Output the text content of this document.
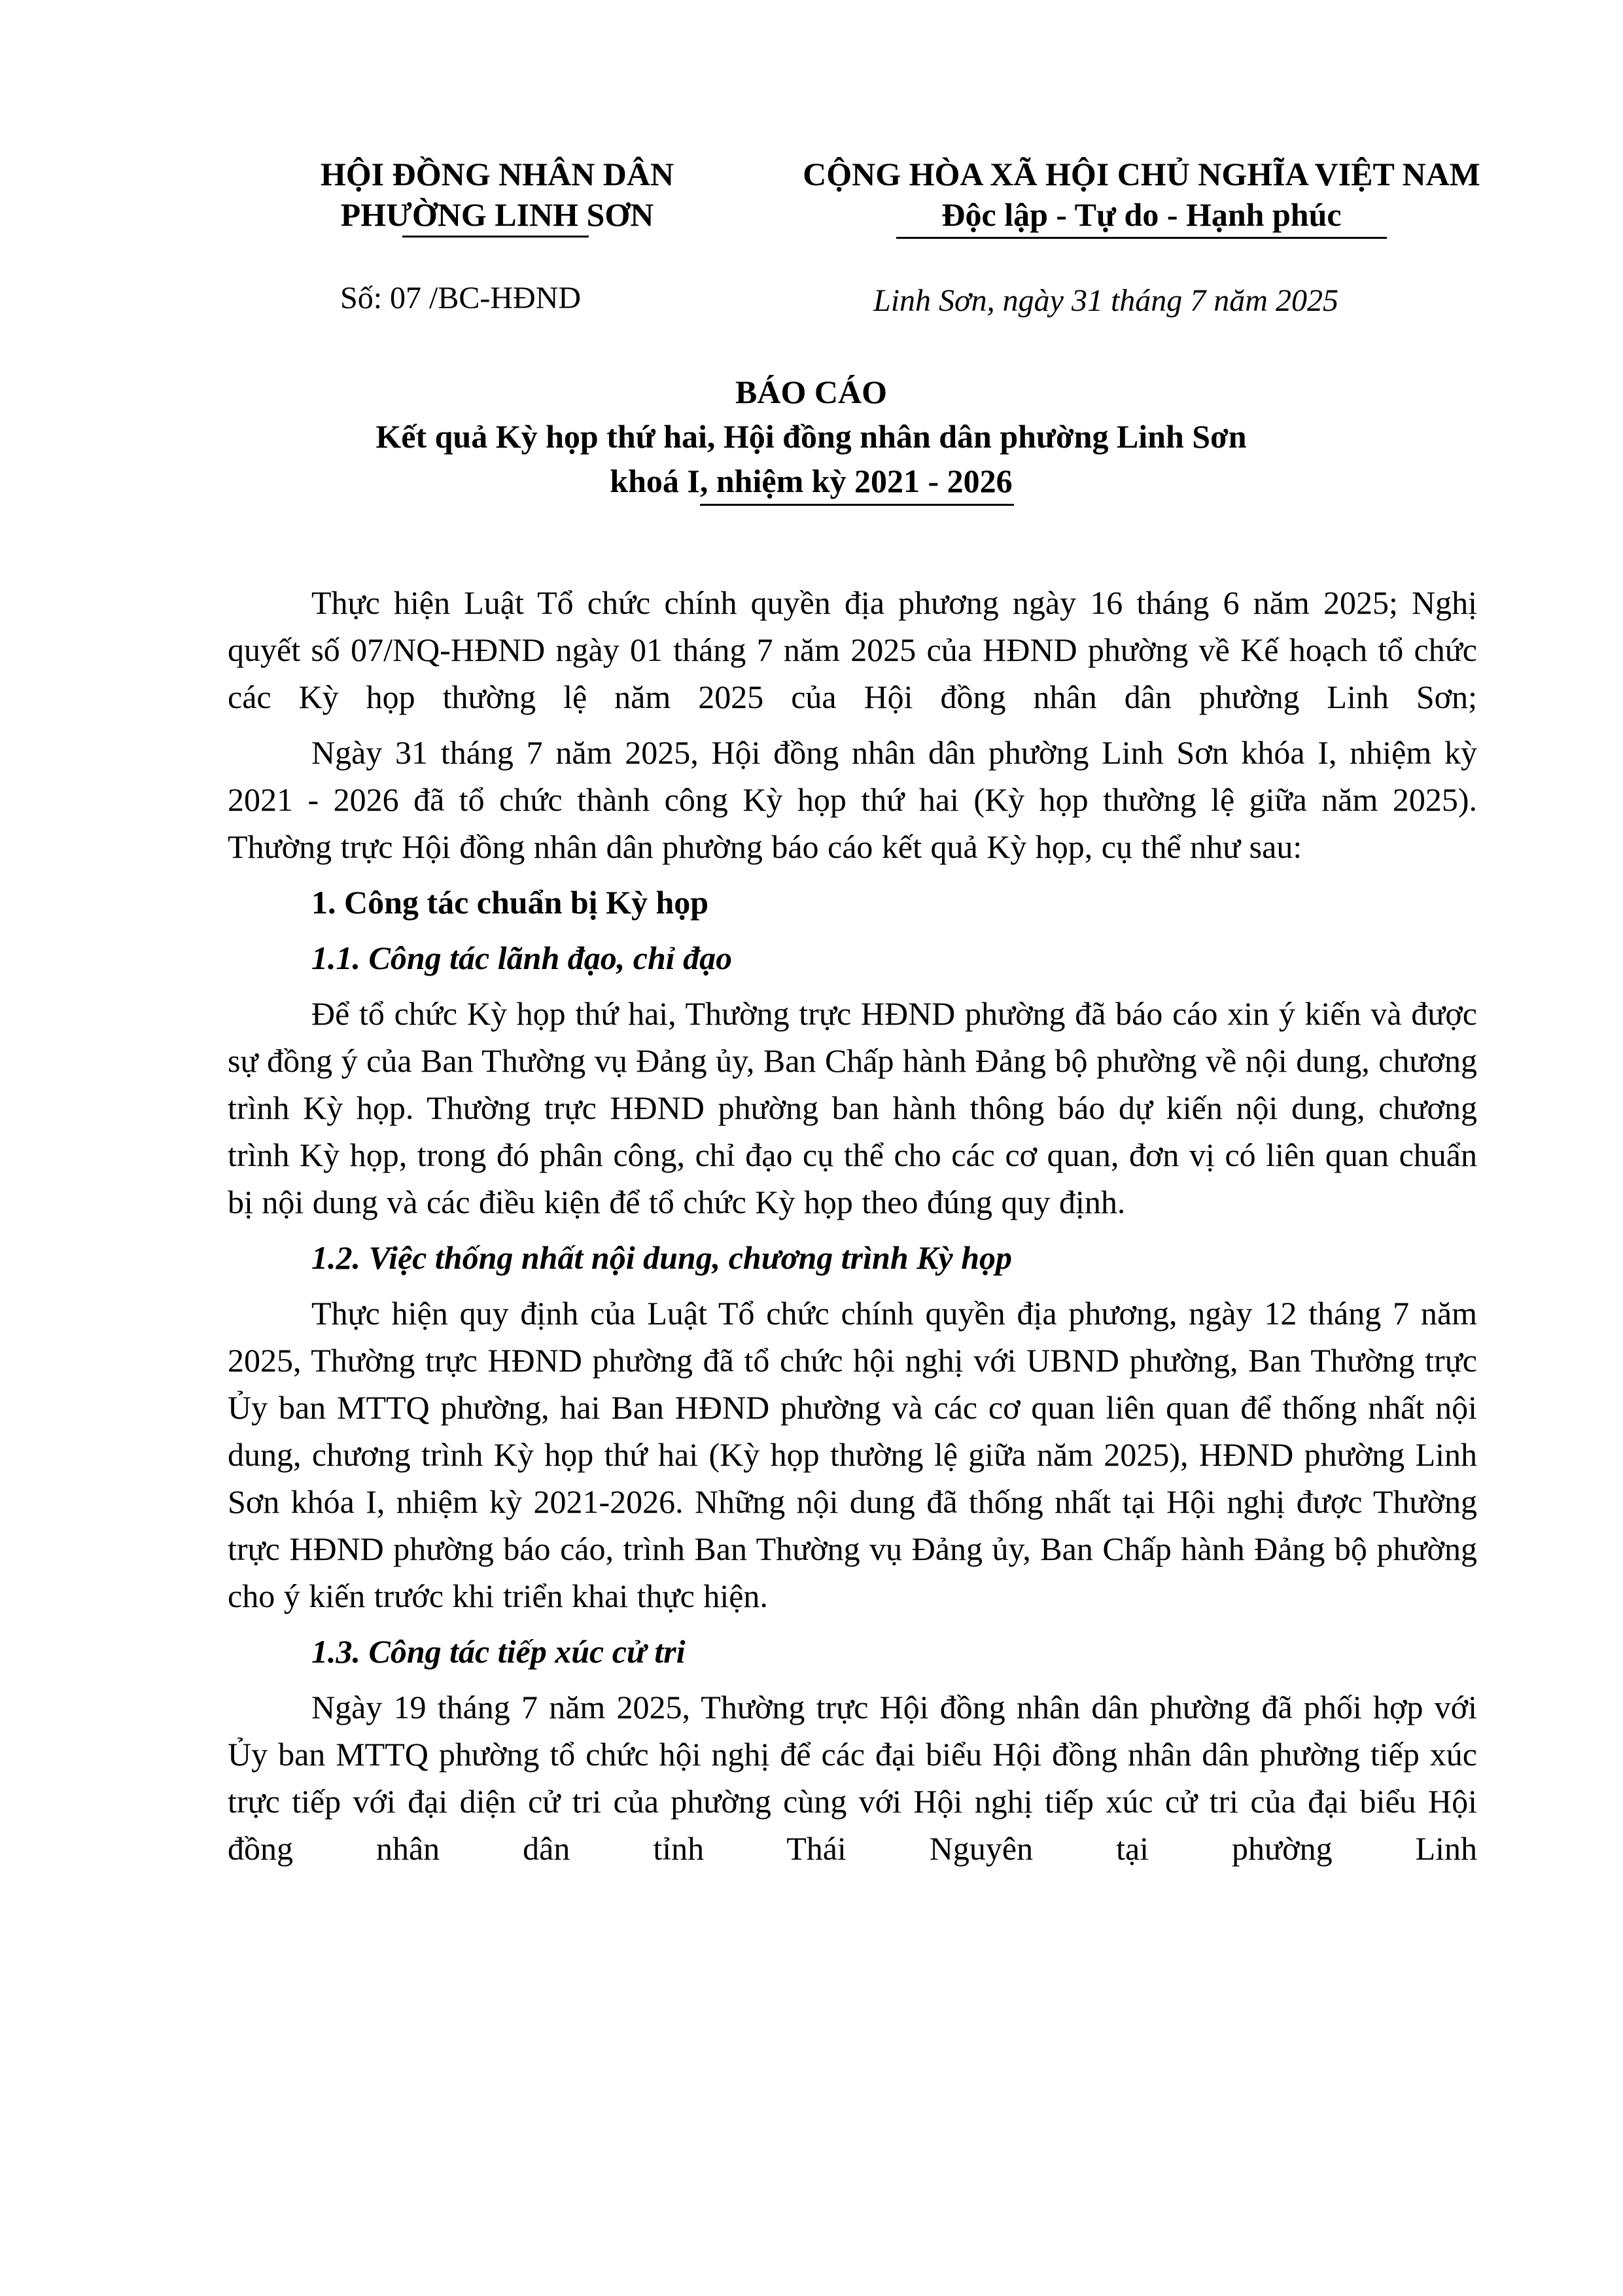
HỘI ĐỒNG NHÂN DÂN
PHƯỜNG LINH SƠN
CỘNG HÒA XÃ HỘI CHỦ NGHĨA VIỆT NAM
Độc lập - Tự do - Hạnh phúc
Số: 07 /BC-HĐND	Linh Sơn, ngày 31 tháng 7 năm 2025
BÁO CÁO
Kết quả Kỳ họp thứ hai, Hội đồng nhân dân phường Linh Sơn
khoá I, nhiệm kỳ 2021 - 2026

Thực hiện Luật Tổ chức chính quyền địa phương ngày 16 tháng 6 năm 2025; Nghị quyết số 07/NQ-HĐND ngày 01 tháng 7 năm 2025 của HĐND phường về Kế hoạch tổ chức các Kỳ họp thường lệ năm 2025 của Hội đồng nhân dân phường Linh Sơn;

Ngày 31 tháng 7 năm 2025, Hội đồng nhân dân phường Linh Sơn khóa I, nhiệm kỳ 2021 - 2026 đã tổ chức thành công Kỳ họp thứ hai (Kỳ họp thường lệ giữa năm 2025). Thường trực Hội đồng nhân dân phường báo cáo kết quả Kỳ họp, cụ thể như sau:

1. Công tác chuẩn bị Kỳ họp
1.1. Công tác lãnh đạo, chỉ đạo

Để tổ chức Kỳ họp thứ hai, Thường trực HĐND phường đã báo cáo xin ý kiến và được sự đồng ý của Ban Thường vụ Đảng ủy, Ban Chấp hành Đảng bộ phường về nội dung, chương trình Kỳ họp. Thường trực HĐND phường ban hành thông báo dự kiến nội dung, chương trình Kỳ họp, trong đó phân công, chỉ đạo cụ thể cho các cơ quan, đơn vị có liên quan chuẩn bị nội dung và các điều kiện để tổ chức Kỳ họp theo đúng quy định.

1.2. Việc thống nhất nội dung, chương trình Kỳ họp

Thực hiện quy định của Luật Tổ chức chính quyền địa phương, ngày 12 tháng 7 năm 2025, Thường trực HĐND phường đã tổ chức hội nghị với UBND phường, Ban Thường trực Ủy ban MTTQ phường, hai Ban HĐND phường và các cơ quan liên quan để thống nhất nội dung, chương trình Kỳ họp thứ hai (Kỳ họp thường lệ giữa năm 2025), HĐND phường Linh Sơn khóa I, nhiệm kỳ 2021-2026. Những nội dung đã thống nhất tại Hội nghị được Thường trực HĐND phường báo cáo, trình Ban Thường vụ Đảng ủy, Ban Chấp hành Đảng bộ phường cho ý kiến trước khi triển khai thực hiện.

1.3. Công tác tiếp xúc cử tri

Ngày 19 tháng 7 năm 2025, Thường trực Hội đồng nhân dân phường đã phối hợp với Ủy ban MTTQ phường tổ chức hội nghị để các đại biểu Hội đồng nhân dân phường tiếp xúc trực tiếp với đại diện cử tri của phường cùng với Hội nghị tiếp xúc cử tri của đại biểu Hội đồng nhân dân tỉnh Thái Nguyên tại phường Linh
